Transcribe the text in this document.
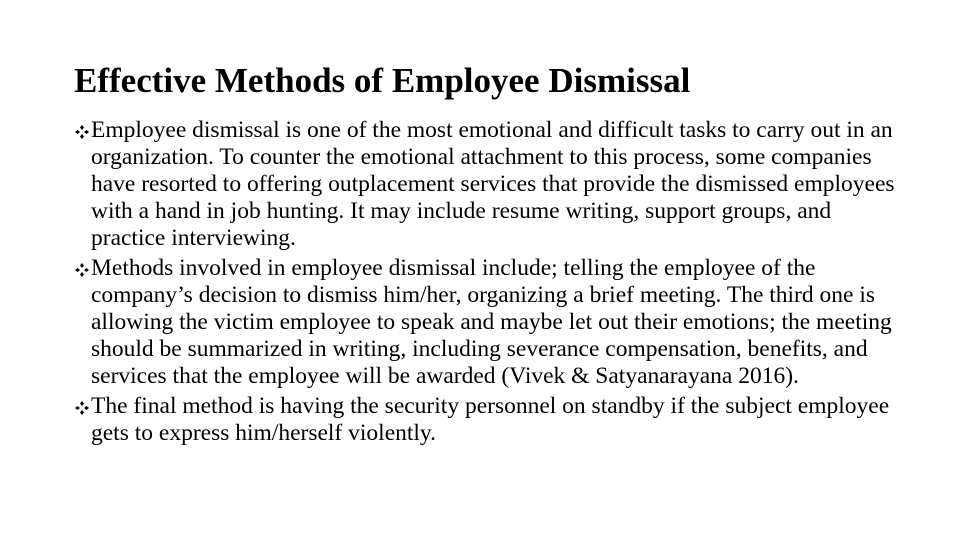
Effective Methods of Employee Dismissal
Employee dismissal is one of the most emotional and difficult tasks to carry out in an organization. To counter the emotional attachment to this process, some companies have resorted to offering outplacement services that provide the dismissed employees with a hand in job hunting. It may include resume writing, support groups, and practice interviewing.
Methods involved in employee dismissal include; telling the employee of the company’s decision to dismiss him/her, organizing a brief meeting. The third one is allowing the victim employee to speak and maybe let out their emotions; the meeting should be summarized in writing, including severance compensation, benefits, and services that the employee will be awarded (Vivek & Satyanarayana 2016).
The final method is having the security personnel on standby if the subject employee gets to express him/herself violently.
